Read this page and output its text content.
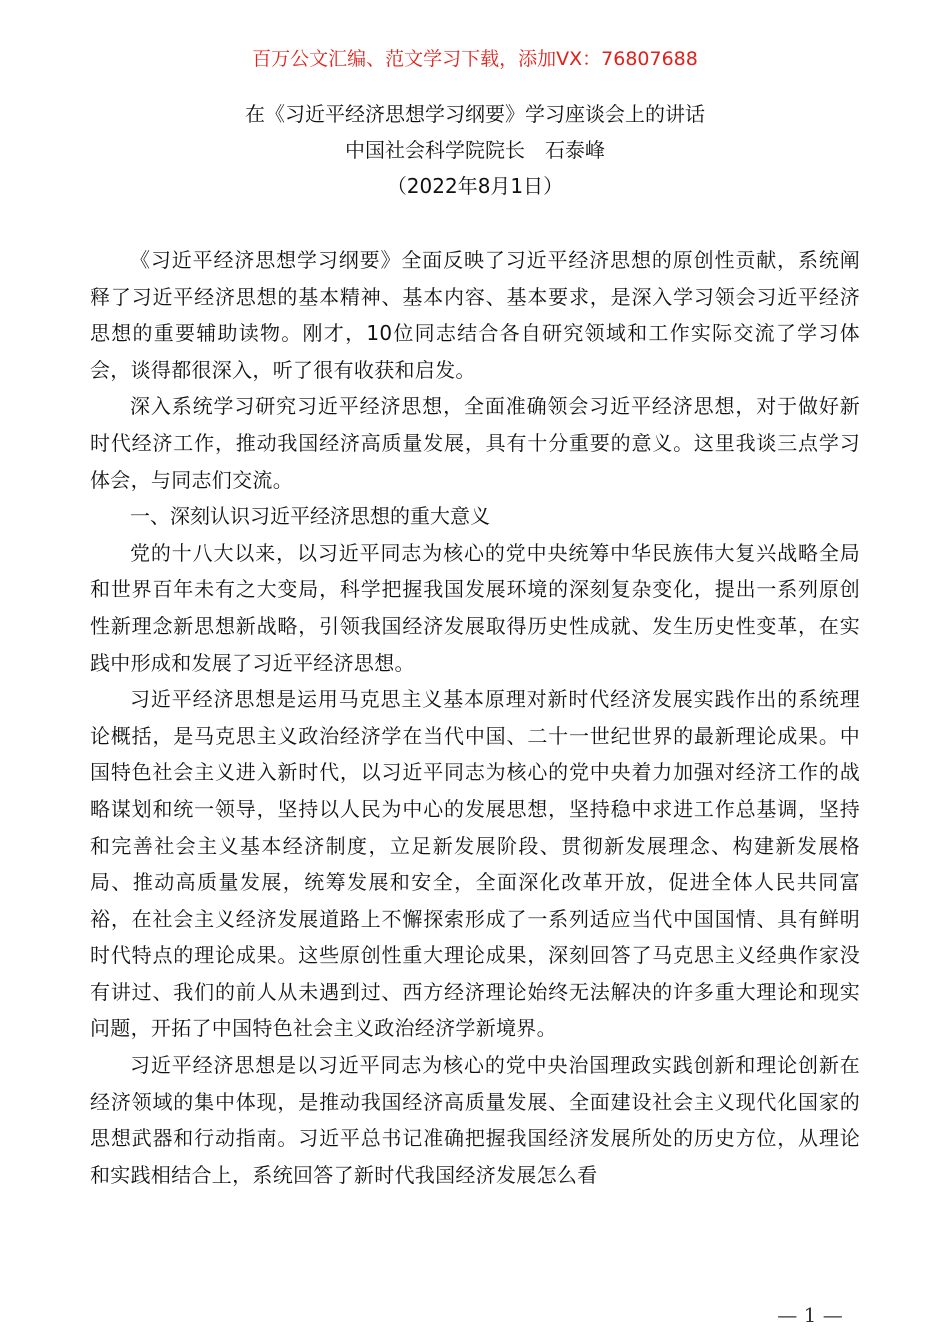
百万公文汇编、范文学习下载，添加VX：76807688
在《习近平经济思想学习纲要》学习座谈会上的讲话
中国社会科学院院长　石泰峰
（2022年8月1日）

《习近平经济思想学习纲要》全面反映了习近平经济思想的原创性贡献，系统阐释了习近平经济思想的基本精神、基本内容、基本要求，是深入学习领会习近平经济思想的重要辅助读物。刚才，10位同志结合各自研究领域和工作实际交流了学习体会，谈得都很深入，听了很有收获和启发。

深入系统学习研究习近平经济思想，全面准确领会习近平经济思想，对于做好新时代经济工作，推动我国经济高质量发展，具有十分重要的意义。这里我谈三点学习体会，与同志们交流。

一、深刻认识习近平经济思想的重大意义

党的十八大以来，以习近平同志为核心的党中央统筹中华民族伟大复兴战略全局和世界百年未有之大变局，科学把握我国发展环境的深刻复杂变化，提出一系列原创性新理念新思想新战略，引领我国经济发展取得历史性成就、发生历史性变革，在实践中形成和发展了习近平经济思想。

习近平经济思想是运用马克思主义基本原理对新时代经济发展实践作出的系统理论概括，是马克思主义政治经济学在当代中国、二十一世纪世界的最新理论成果。中国特色社会主义进入新时代，以习近平同志为核心的党中央着力加强对经济工作的战略谋划和统一领导，坚持以人民为中心的发展思想，坚持稳中求进工作总基调，坚持和完善社会主义基本经济制度，立足新发展阶段、贯彻新发展理念、构建新发展格局、推动高质量发展，统筹发展和安全，全面深化改革开放，促进全体人民共同富裕，在社会主义经济发展道路上不懈探索形成了一系列适应当代中国国情、具有鲜明时代特点的理论成果。这些原创性重大理论成果，深刻回答了马克思主义经典作家没有讲过、我们的前人从未遇到过、西方经济理论始终无法解决的许多重大理论和现实问题，开拓了中国特色社会主义政治经济学新境界。

习近平经济思想是以习近平同志为核心的党中央治国理政实践创新和理论创新在经济领域的集中体现，是推动我国经济高质量发展、全面建设社会主义现代化国家的思想武器和行动指南。习近平总书记准确把握我国经济发展所处的历史方位，从理论和实践相结合上，系统回答了新时代我国经济发展怎么看

— 1 —
